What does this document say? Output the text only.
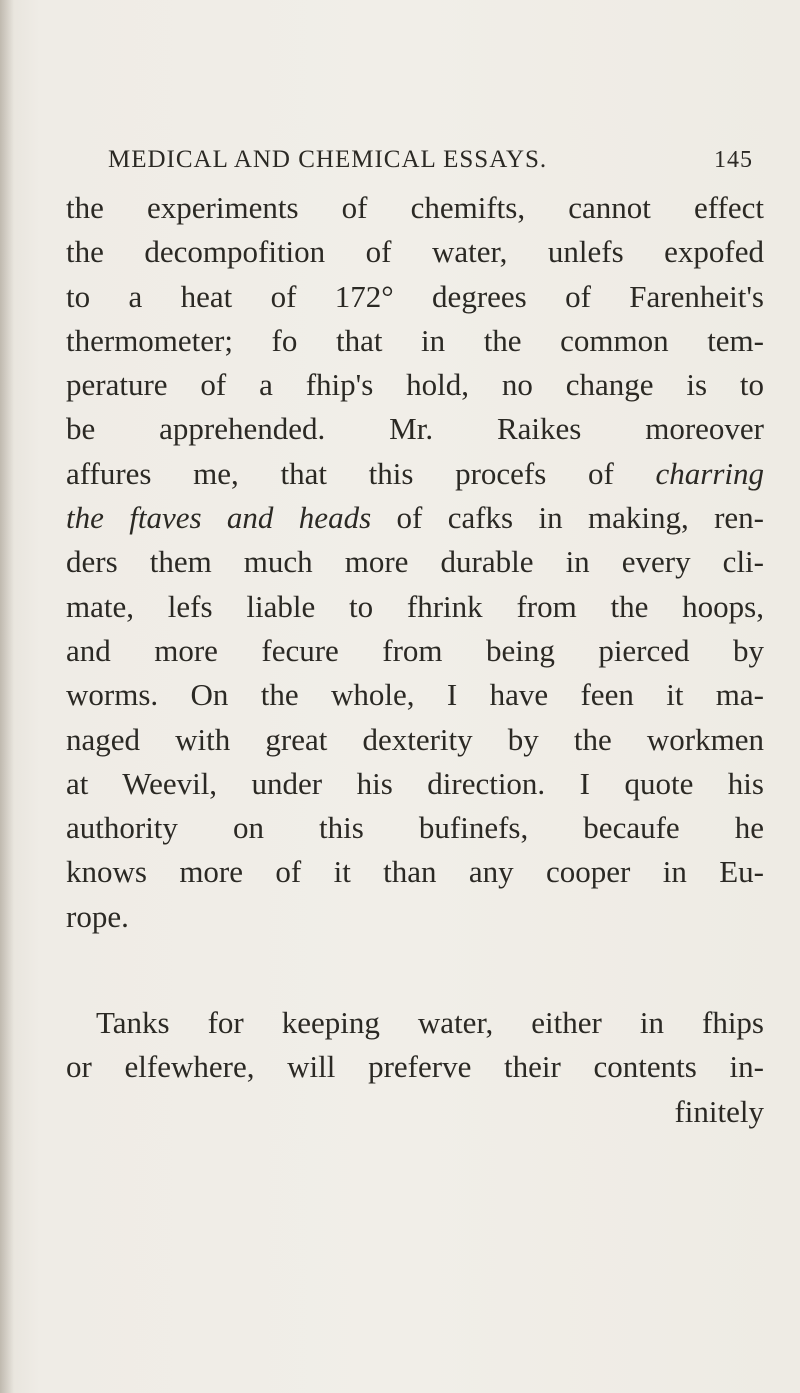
MEDICAL AND CHEMICAL ESSAYS.	145
the experiments of chemifts, cannot effect
the decompofition of water, unlefs expofed
to a heat of 172° degrees of Farenheit's
thermometer; fo that in the common tem-
perature of a fhip's hold, no change is to
be apprehended. Mr. Raikes moreover
affures me, that this procefs of charring
the ftaves and heads of cafks in making, ren-
ders them much more durable in every cli-
mate, lefs liable to fhrink from the hoops,
and more fecure from being pierced by
worms. On the whole, I have feen it ma-
naged with great dexterity by the workmen
at Weevil, under his direction. I quote his
authority on this bufinefs, becaufe he
knows more of it than any cooper in Eu-
rope.
Tanks for keeping water, either in fhips
or elfewhere, will preferve their contents in-
finitely
